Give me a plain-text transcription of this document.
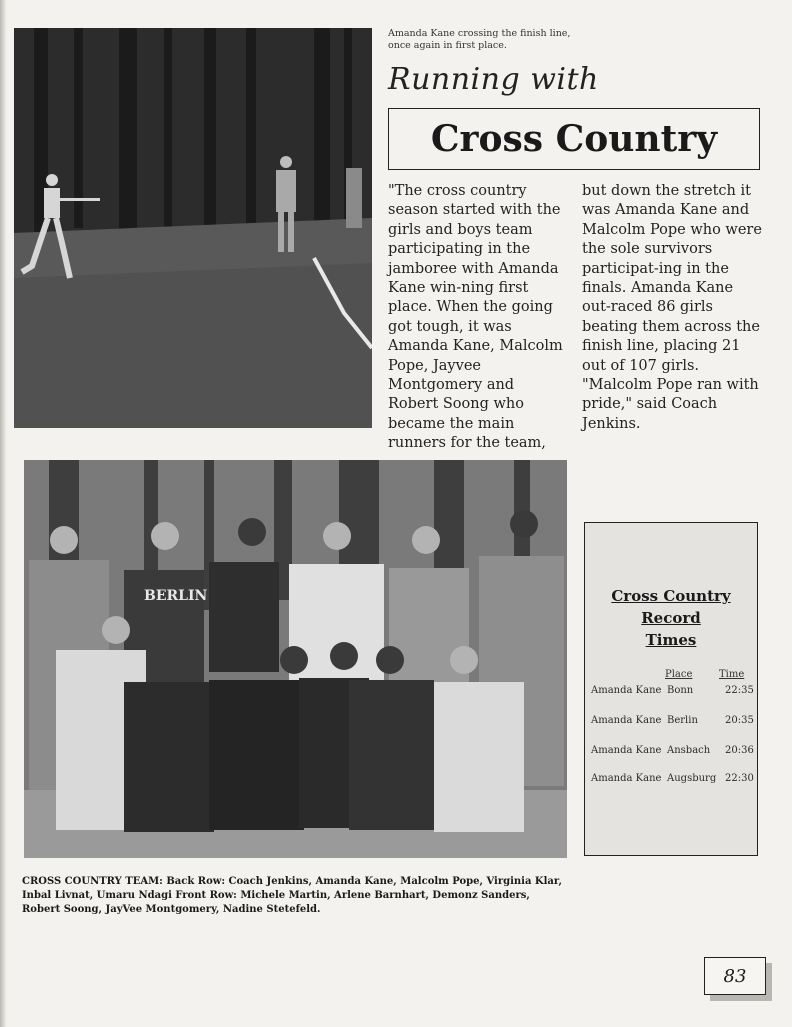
Amanda Kane crossing the finish line, once again in first place.
Running with
Cross Country
"The cross country season started with the girls and boys team participating in the jamboree with Amanda Kane win-ning first place. When the going got tough, it was Amanda Kane, Malcolm Pope, Jayvee Montgomery and Robert Soong who became the main runners for the team,
but down the stretch it was Amanda Kane and Malcolm Pope who were the sole survivors participat-ing in the finals. Amanda Kane out-raced 86 girls beating them across the finish line, placing 21 out of 107 girls. "Malcolm Pope ran with pride," said Coach Jenkins.
BERLIN
CROSS COUNTRY TEAM: Back Row: Coach Jenkins, Amanda Kane, Malcolm Pope, Virginia Klar, Inbal Livnat, Umaru Ndagi Front Row: Michele Martin, Arlene Barnhart, Demonz Sanders, Robert Soong, JayVee Montgomery, Nadine Stetefeld.
Cross Country
Record
Times
Place	Time
Amanda Kane Bonn	22:35
Amanda Kane Berlin	20:35
Amanda Kane Ansbach 20:36
Amanda Kane Augsburg 22:30
83
